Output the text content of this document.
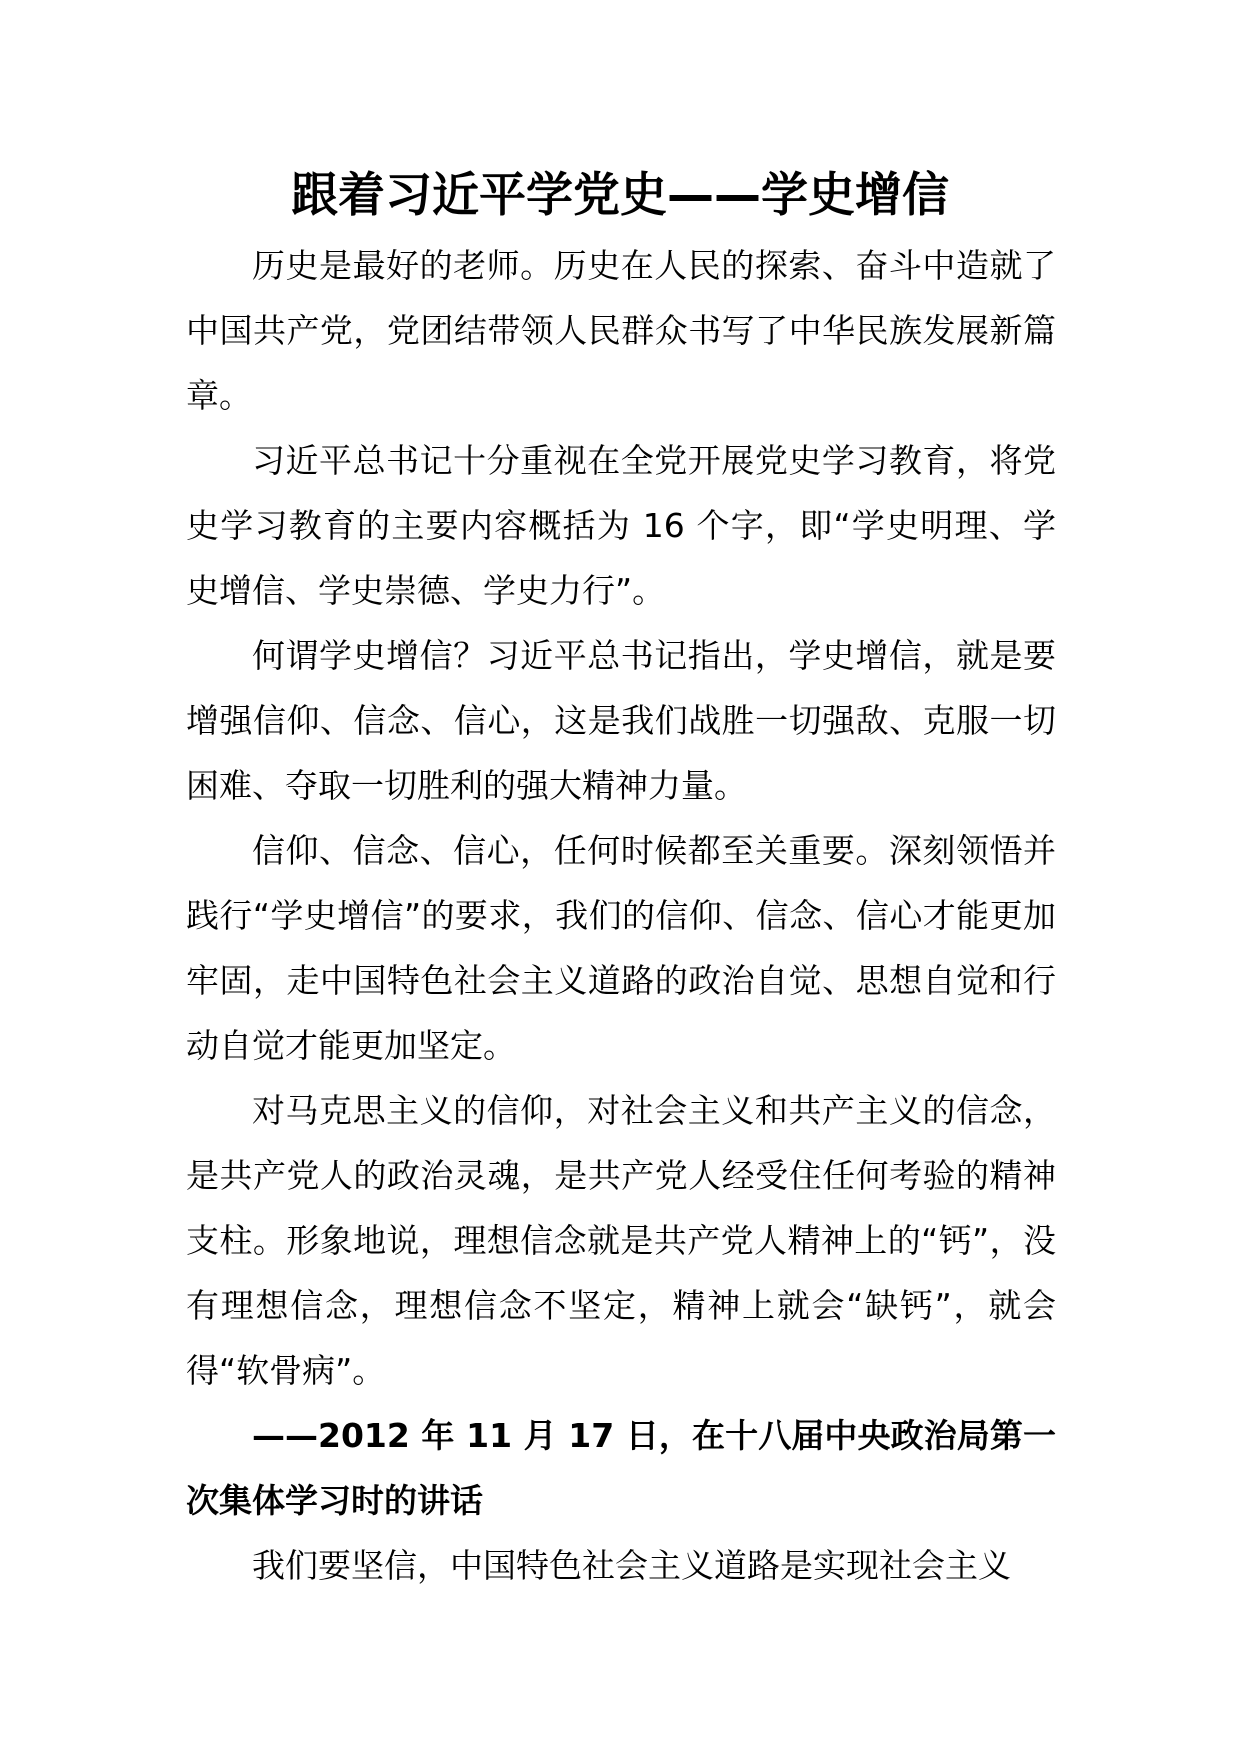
跟着习近平学党史——学史增信

历史是最好的老师。历史在人民的探索、奋斗中造就了中国共产党，党团结带领人民群众书写了中华民族发展新篇章。

习近平总书记十分重视在全党开展党史学习教育，将党史学习教育的主要内容概括为 16 个字，即“学史明理、学史增信、学史崇德、学史力行”。

何谓学史增信？习近平总书记指出，学史增信，就是要增强信仰、信念、信心，这是我们战胜一切强敌、克服一切困难、夺取一切胜利的强大精神力量。

信仰、信念、信心，任何时候都至关重要。深刻领悟并践行“学史增信”的要求，我们的信仰、信念、信心才能更加牢固，走中国特色社会主义道路的政治自觉、思想自觉和行动自觉才能更加坚定。

对马克思主义的信仰，对社会主义和共产主义的信念，是共产党人的政治灵魂，是共产党人经受住任何考验的精神支柱。形象地说，理想信念就是共产党人精神上的“钙”，没有理想信念，理想信念不坚定，精神上就会“缺钙”，就会得“软骨病”。

——2012 年 11 月 17 日，在十八届中央政治局第一次集体学习时的讲话

我们要坚信，中国特色社会主义道路是实现社会主义
